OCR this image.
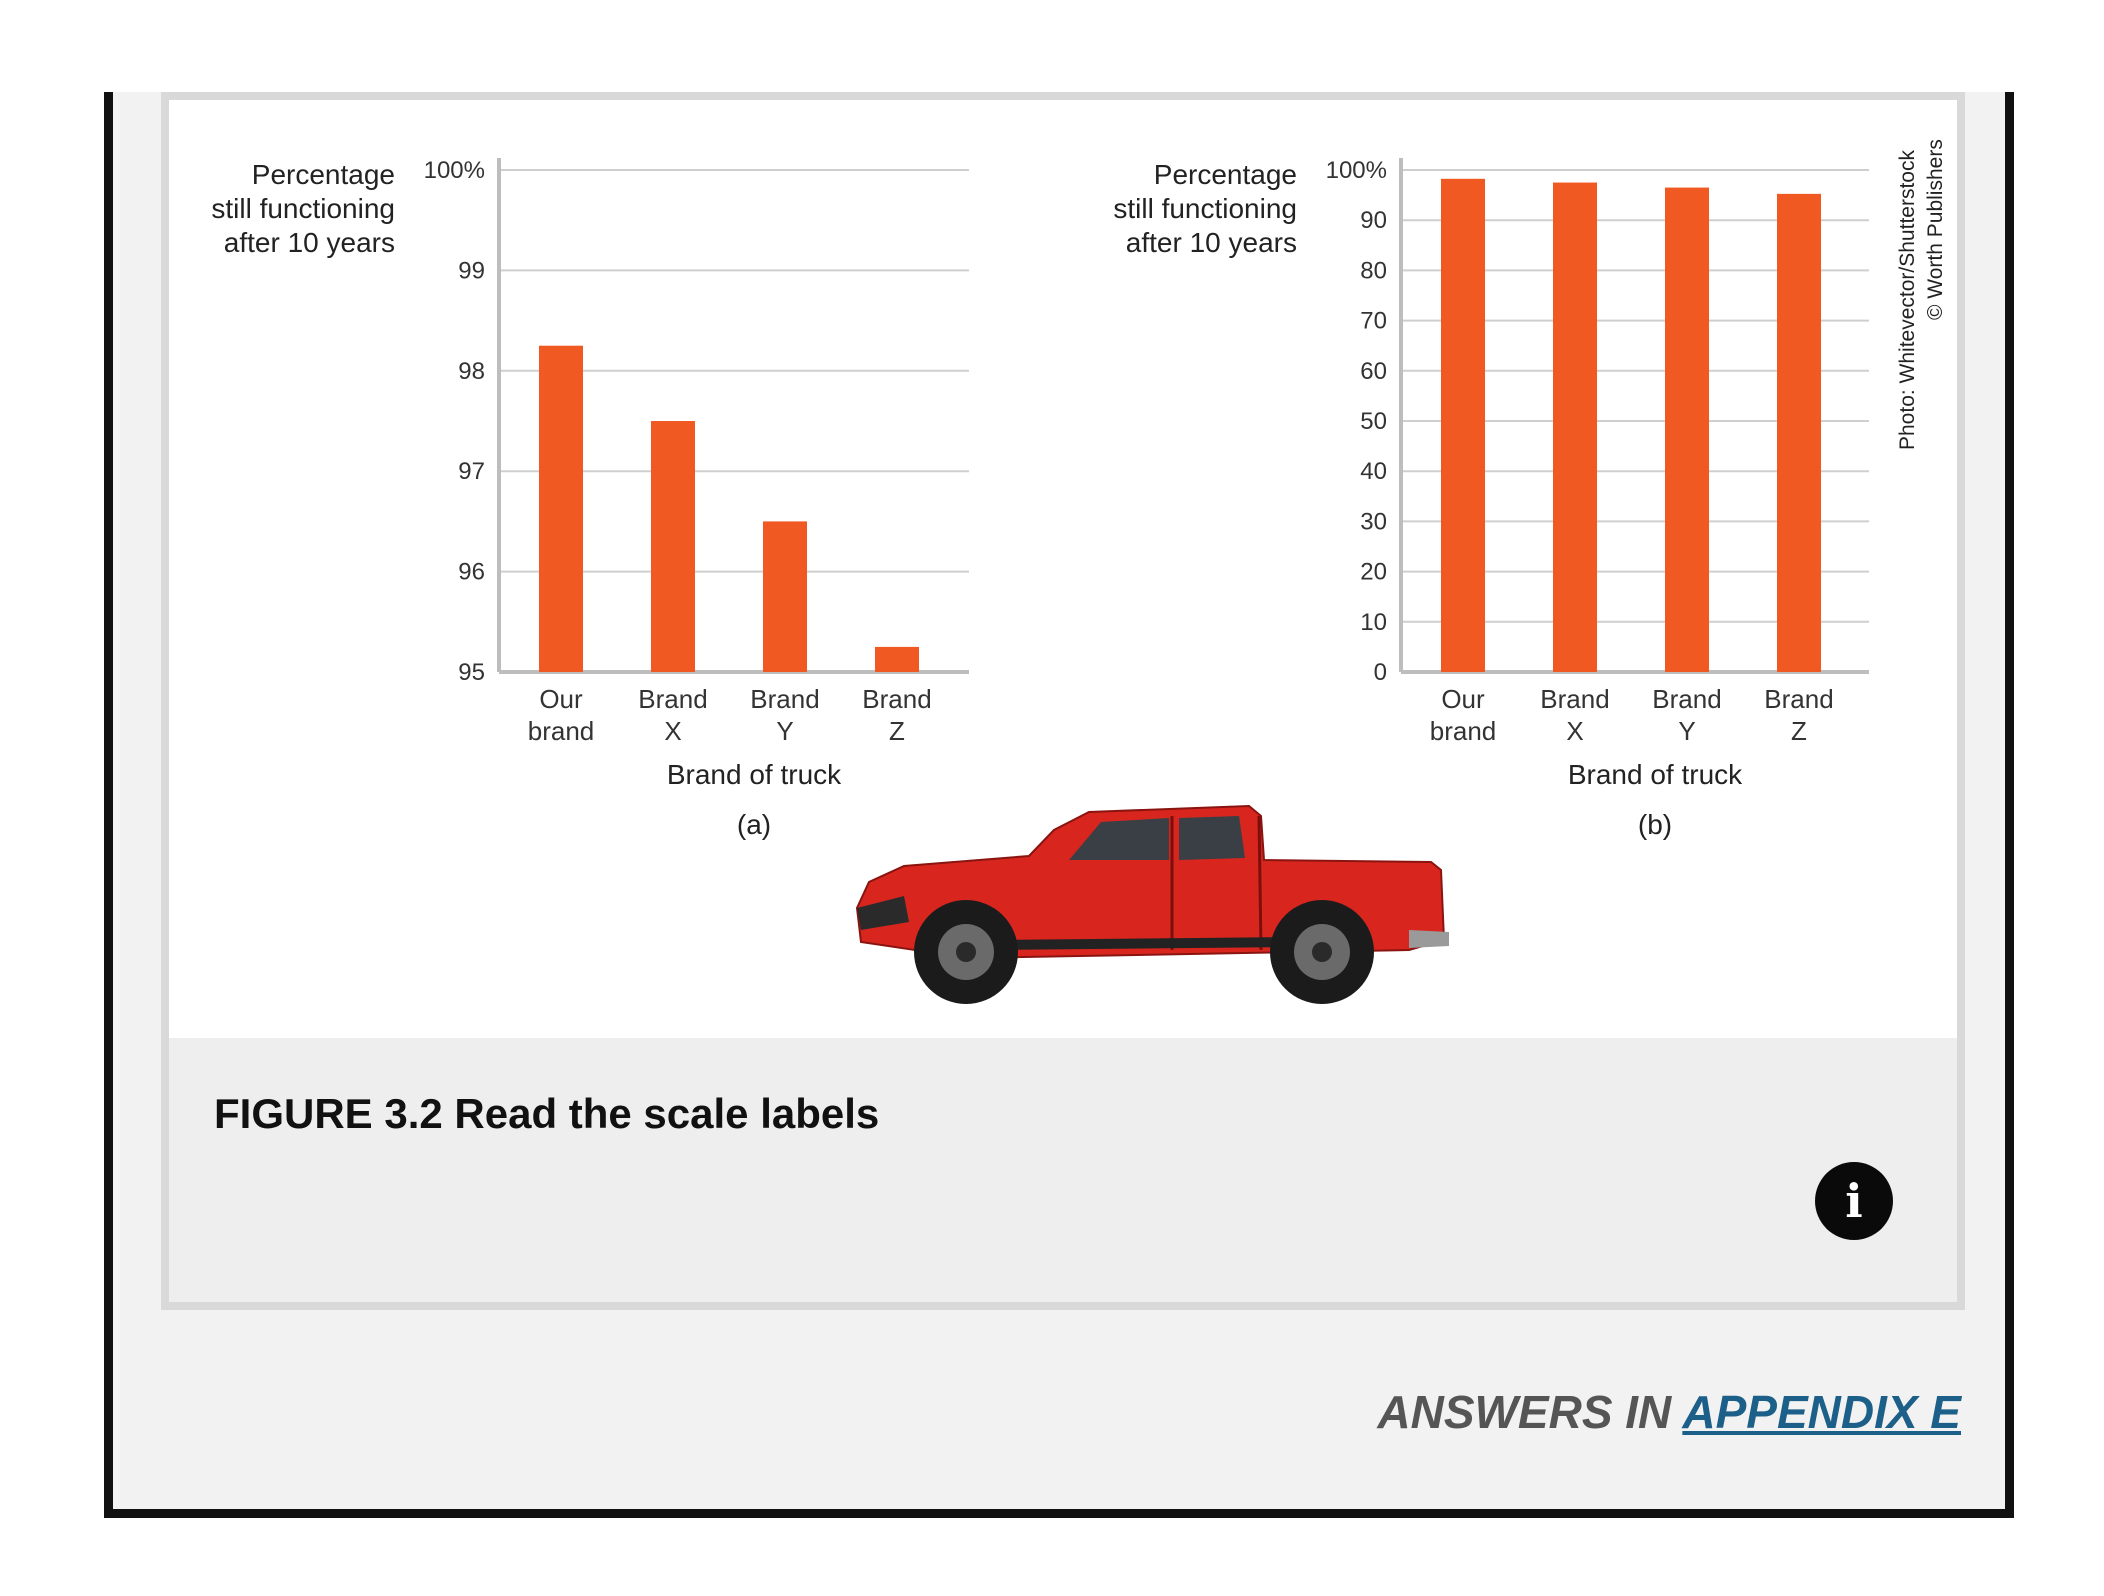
95
96
97
98
99
100%
Percentage
still functioning
after 10 years
Our
brand
Brand
X
Brand
Y
Brand
Z
Brand of truck
(a)
0
10
20
30
40
50
60
70
80
90
100%
Percentage
still functioning
after 10 years
Our
brand
Brand
X
Brand
Y
Brand
Z
Brand of truck
(b)
Photo: Whitevector/Shutterstock © Worth Publishers
FIGURE 3.2 Read the scale labels
i
ANSWERS IN APPENDIX E
